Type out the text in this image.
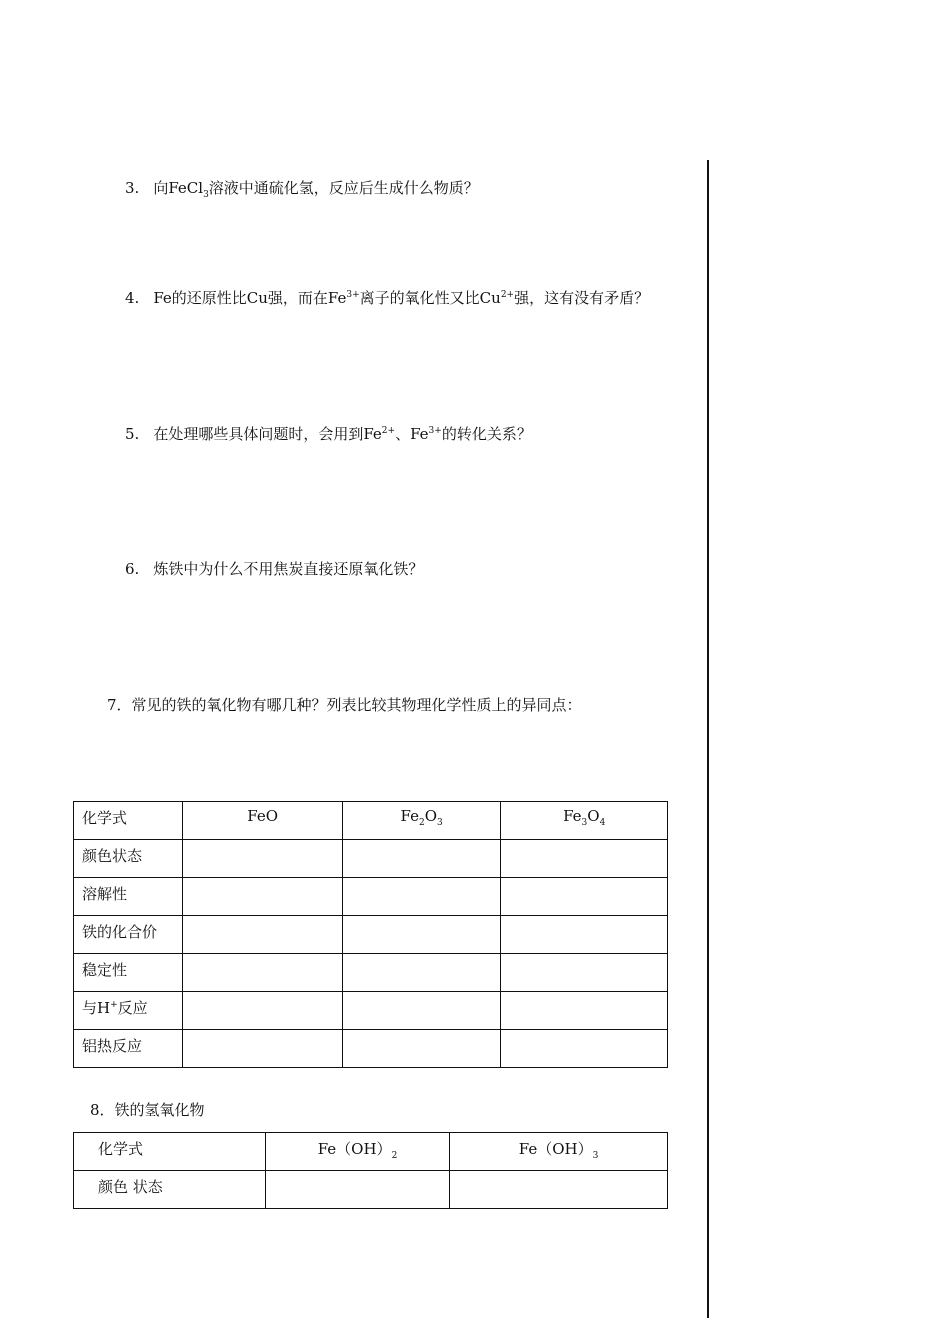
3. 向FeCl$_3$溶液中通硫化氢，反应后生成什么物质？
4. Fe的还原性比Cu强，而在$Fe^{3+}$离子的氧化性又比$Cu^{2+}$强，这有没有矛盾？
5. 在处理哪些具体问题时，会用到$Fe^{2+}$、$Fe^{3+}$的转化关系？
6. 炼铁中为什么不用焦炭直接还原氧化铁？
7．常见的铁的氧化物有哪几种？列表比较其物理化学性质上的异同点：
化学式	FeO	$Fe_2O_3$	$Fe_3O_4$
颜色状态			
溶解性			
铁的化合价			
稳定性			
与H+反应			
铝热反应			
8．铁的氢氧化物
化学式	$Fe(OH)_2$	$Fe(OH)_3$
颜色 状态		
